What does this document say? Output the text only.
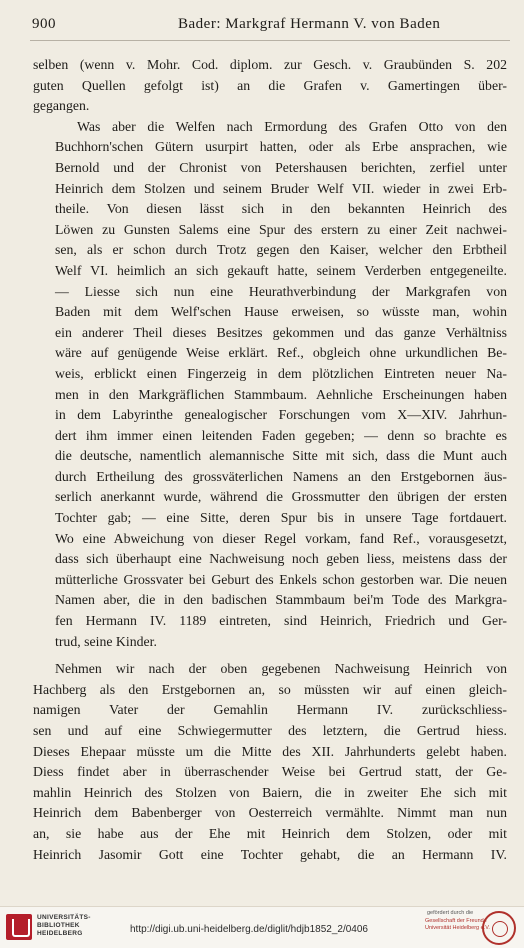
900	Bader: Markgraf Hermann V. von Baden

selben (wenn v. Mohr. Cod. diplom. zur Gesch. v. Graubünden S. 202
guten Quellen gefolgt ist) an die Grafen v. Gamertingen über-
gegangen.

Was aber die Welfen nach Ermordung des Grafen Otto von den
Buchhorn'schen Gütern usurpirt hatten, oder als Erbe ansprachen, wie
Bernold und der Chronist von Petershausen berichten, zerfiel unter
Heinrich dem Stolzen und seinem Bruder Welf VII. wieder in zwei Erb-
theile. Von diesen lässt sich in den bekannten Heinrich des
Löwen zu Gunsten Salems eine Spur des erstern zu einer Zeit nachwei-
sen, als er schon durch Trotz gegen den Kaiser, welcher den Erbtheil
Welf VI. heimlich an sich gekauft hatte, seinem Verderben entgegeneilte.
— Liesse sich nun eine Heurathverbindung der Markgrafen von
Baden mit dem Welf'schen Hause erweisen, so wüsste man, wohin
ein anderer Theil dieses Besitzes gekommen und das ganze Verhältniss
wäre auf genügende Weise erklärt. Ref., obgleich ohne urkundlichen Be-
weis, erblickt einen Fingerzeig in dem plötzlichen Eintreten neuer Na-
men in den Markgräflichen Stammbaum. Aehnliche Erscheinungen haben
in dem Labyrinthe genealogischer Forschungen vom X—XIV. Jahrhun-
dert ihm immer einen leitenden Faden gegeben; — denn so brachte es
die deutsche, namentlich alemannische Sitte mit sich, dass die Munt auch
durch Ertheilung des grossväterlichen Namens an den Erstgebornen äus-
serlich anerkannt wurde, während die Grossmutter den übrigen der ersten
Tochter gab; — eine Sitte, deren Spur bis in unsere Tage fortdauert.
Wo eine Abweichung von dieser Regel vorkam, fand Ref., vorausgesetzt,
dass sich überhaupt eine Nachweisung noch geben liess, meistens dass der
mütterliche Grossvater bei Geburt des Enkels schon gestorben war. Die neuen
Namen aber, die in den badischen Stammbaum bei'm Tode des Markgra-
fen Hermann IV. 1189 eintreten, sind Heinrich, Friedrich und Ger-
trud, seine Kinder.

Nehmen wir nach der oben gegebenen Nachweisung Heinrich von
Hachberg als den Erstgebornen an, so müssten wir auf einen gleich-
namigen Vater der Gemahlin Hermann IV. zurückschliess-
sen und auf eine Schwiegermutter des letztern, die Gertrud hiess.
Dieses Ehepaar müsste um die Mitte des XII. Jahrhunderts gelebt haben.
Diess findet aber in überraschender Weise bei Gertrud statt, der Ge-
mahlin Heinrich des Stolzen von Baiern, die in zweiter Ehe sich mit
Heinrich dem Babenberger von Oesterreich vermählte. Nimmt man nun
an, sie habe aus der Ehe mit Heinrich dem Stolzen, oder mit
Heinrich Jasomir Gott eine Tochter gehabt, die an Hermann IV.

UNIVERSITÄTS-
BIBLIOTHEK
HEIDELBERG	http://digi.ub.uni-heidelberg.de/diglit/hdjb1852_2/0406
gefördert durch die
Gesellschaft der Freunde
Universität Heidelberg e.V.
